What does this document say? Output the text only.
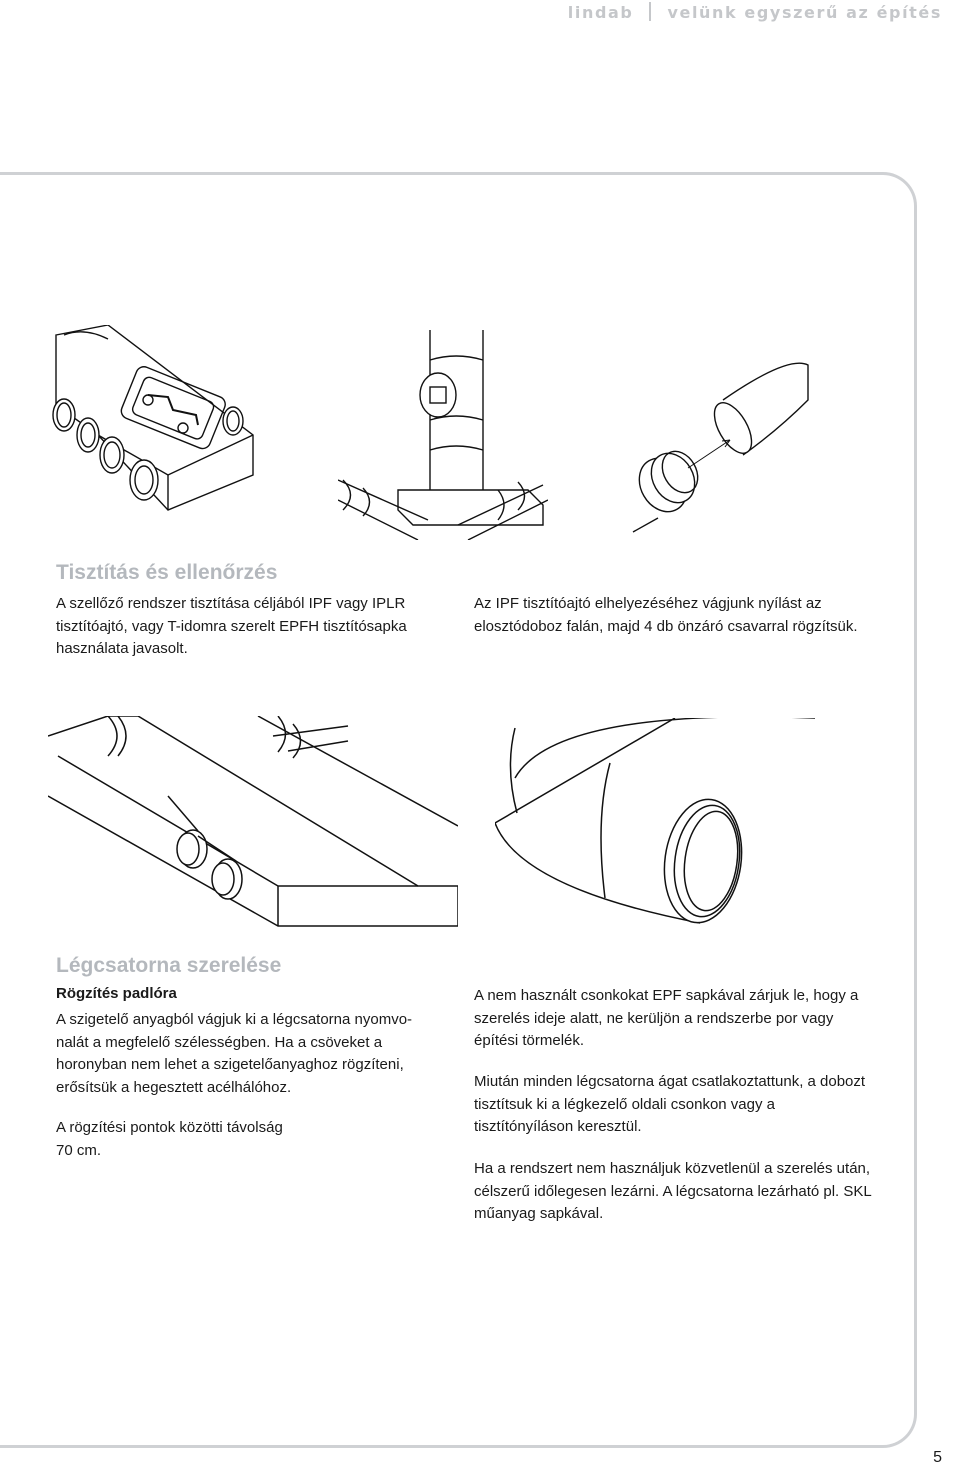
lindab velünk egyszerű az építés
Tisztítás és ellenőrzés

A szellőző rendszer tisztítása céljából IPF vagy IPLR tisztítóajtó, vagy T-idomra szerelt EPFH tisztítósapka használata javasolt.

Az IPF tisztítóajtó elhelyezéséhez vágjunk nyílást az elosztódoboz falán, majd 4 db önzáró csavarral rögzítsük.

Légcsatorna szerelése
Rögzítés padlóra
A szigetelő anyagból vágjuk ki a légcsatorna nyomvo-
nalát a megfelelő szélességben. Ha a csöveket a horonyban nem lehet a szigetelőanyaghoz rögzíteni, erősítsük a hegesztett acélhálóhoz.

A rögzítési pontok közötti távolság 70 cm.

A nem használt csonkokat EPF sapkával zárjuk le, hogy a szerelés ideje alatt, ne kerüljön a rendszerbe por vagy építési törmelék.

Miután minden légcsatorna ágat csatlakoztattunk, a dobozt tisztítsuk ki a légkezelő oldali csonkon vagy a tisztítónyíláson keresztül.

Ha a rendszert nem használjuk közvetlenül a szerelés után, célszerű időlegesen lezárni. A légcsatorna lezárható pl. SKL műanyag sapkával.

5
